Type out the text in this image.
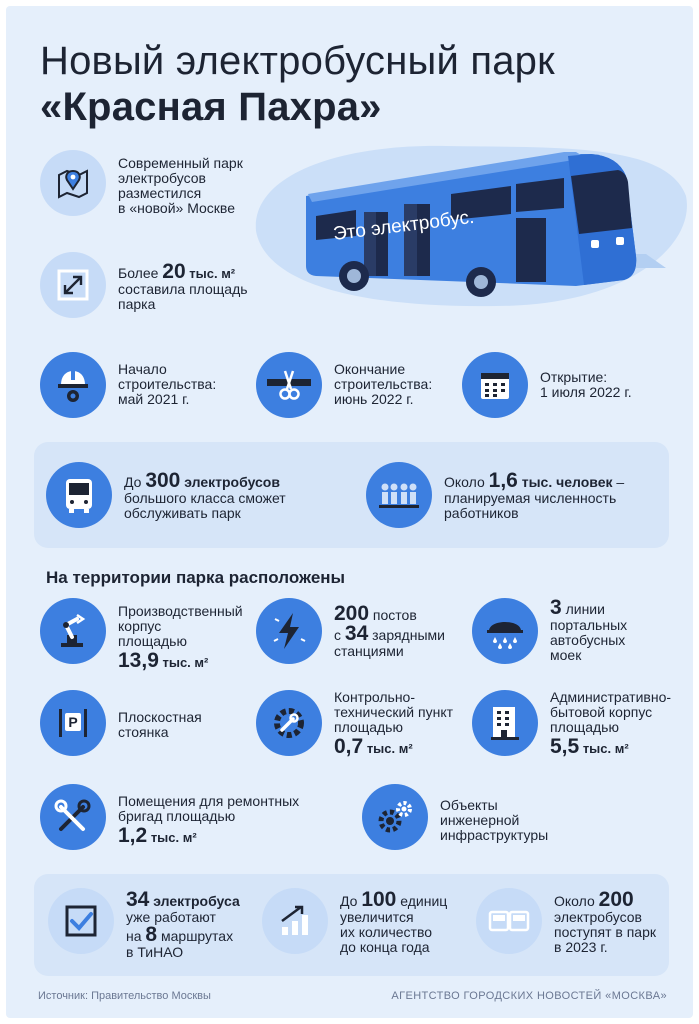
Новый электробусный парк
«Красная Пахра»
Это электробус.
Современный парк
электробусов
разместился
в «новой» Москве
Более 20 тыс. м²
составила площадь
парка
Начало
строительства:
май 2021 г.
Окончание
строительства:
июнь 2022 г.
Открытие:
1 июля 2022 г.
До 300 электробусов
большого класса сможет
обслуживать парк
Около 1,6 тыс. человек –
планируемая численность
работников
На территории парка расположены
Производственный
корпус
площадью
13,9 тыс. м²
200 постов
с 34 зарядными
станциями
3 линии
портальных
автобусных
моек
P	Плоскостная
стоянка
Контрольно-
технический пункт
площадью
0,7 тыс. м²
Административно-
бытовой корпус
площадью
5,5 тыс. м²
Помещения для ремонтных
бригад площадью
1,2 тыс. м²
Объекты
инженерной
инфраструктуры
34 электробуса
уже работают
на 8 маршрутах
в ТиНАО
До 100 единиц
увеличится
их количество
до конца года
Около 200
электробусов
поступят в парк
в 2023 г.
Источник: Правительство Москвы	АГЕНТСТВО ГОРОДСКИХ НОВОСТЕЙ «МОСКВА»
